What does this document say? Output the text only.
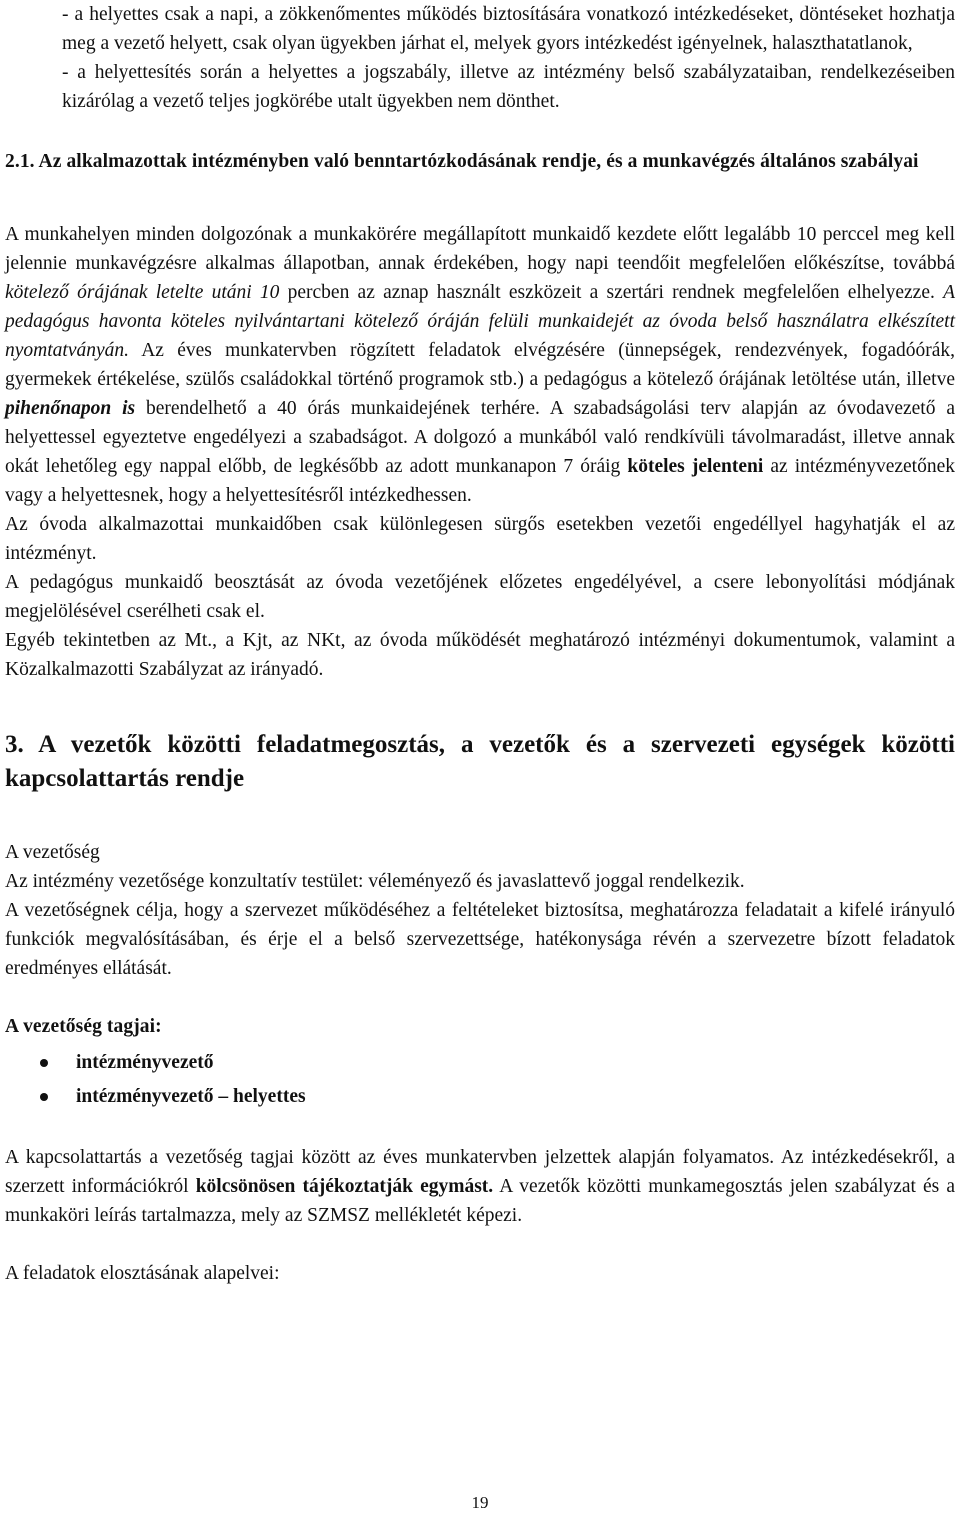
- a helyettes csak a napi, a zökkenőmentes működés biztosítására vonatkozó intézkedéseket, döntéseket hozhatja meg a vezető helyett, csak olyan ügyekben járhat el, melyek gyors intézkedést igényelnek, halaszthatatlanok,

- a helyettesítés során a helyettes a jogszabály, illetve az intézmény belső szabályzataiban, rendelkezéseiben kizárólag a vezető teljes jogkörébe utalt ügyekben nem dönthet.

2.1. Az alkalmazottak intézményben való benntartózkodásának rendje, és a munkavégzés általános szabályai

A munkahelyen minden dolgozónak a munkakörére megállapított munkaidő kezdete előtt legalább 10 perccel meg kell jelennie munkavégzésre alkalmas állapotban, annak érdekében, hogy napi teendőit megfelelően előkészítse, továbbá kötelező órájának letelte utáni 10 percben az aznap használt eszközeit a szertári rendnek megfelelően elhelyezze. A pedagógus havonta köteles nyilvántartani kötelező óráján felüli munkaidejét az óvoda belső használatra elkészített nyomtatványán. Az éves munkatervben rögzített feladatok elvégzésére (ünnepségek, rendezvények, fogadóórák, gyermekek értékelése, szülős családokkal történő programok stb.) a pedagógus a kötelező órájának letöltése után, illetve pihenőnapon is berendelhető a 40 órás munkaidejének terhére. A szabadságolási terv alapján az óvodavezető a helyettessel egyeztetve engedélyezi a szabadságot. A dolgozó a munkából való rendkívüli távolmaradást, illetve annak okát lehetőleg egy nappal előbb, de legkésőbb az adott munkanapon 7 óráig köteles jelenteni az intézményvezetőnek vagy a helyettesnek, hogy a helyettesítésről intézkedhessen.

Az óvoda alkalmazottai munkaidőben csak különlegesen sürgős esetekben vezetői engedéllyel hagyhatják el az intézményt.

A pedagógus munkaidő beosztását az óvoda vezetőjének előzetes engedélyével, a csere lebonyolítási módjának megjelölésével cserélheti csak el.

Egyéb tekintetben az Mt., a Kjt, az NKt, az óvoda működését meghatározó intézményi dokumentumok, valamint a Közalkalmazotti Szabályzat az irányadó.

3. A vezetők közötti feladatmegosztás, a vezetők és a szervezeti egységek közötti kapcsolattartás rendje

A vezetőség

Az intézmény vezetősége konzultatív testület: véleményező és javaslattevő joggal rendelkezik.

A vezetőségnek célja, hogy a szervezet működéséhez a feltételeket biztosítsa, meghatározza feladatait a kifelé irányuló funkciók megvalósításában, és érje el a belső szervezettsége, hatékonysága révén a szervezetre bízott feladatok eredményes ellátását.

A vezetőség tagjai:

intézményvezető
intézményvezető – helyettes

A kapcsolattartás a vezetőség tagjai között az éves munkatervben jelzettek alapján folyamatos. Az intézkedésekről, a szerzett információkról kölcsönösen tájékoztatják egymást. A vezetők közötti munkamegosztás jelen szabályzat és a munkaköri leírás tartalmazza, mely az SZMSZ mellékletét képezi.

A feladatok elosztásának alapelvei:

19
